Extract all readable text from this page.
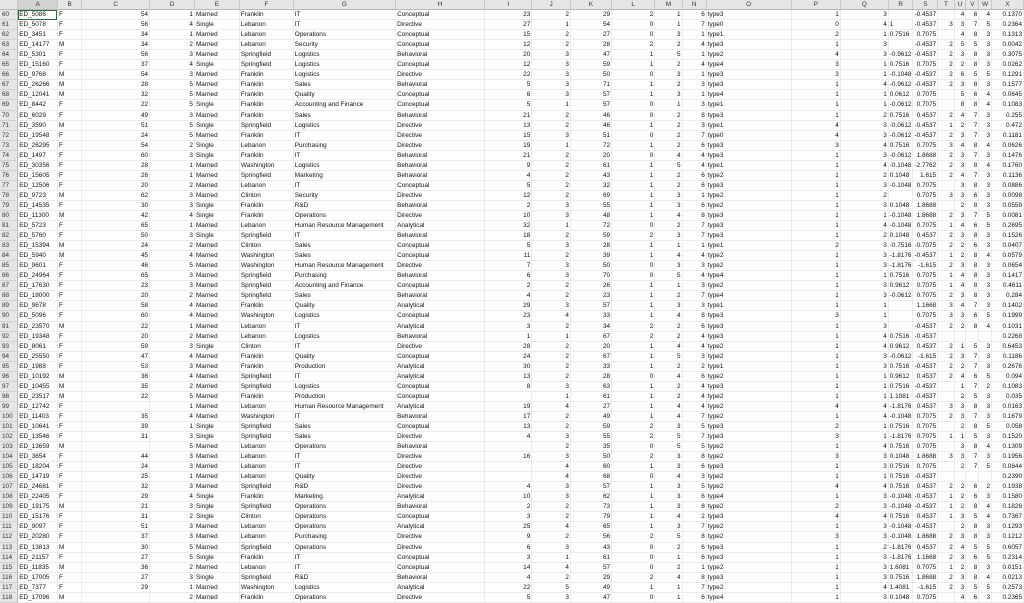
	A	B	C	D	E	F	G	H	I	J	K	L	M	N	O	P	Q	R	S	T	U	V	W	X
60	ED_5086	F	54	1	Married	Franklin	IT	Conceptual	23	2	29	2	1	6	type3	1	3		-0.4537		4	6	4	0.1370
61	ED_5078	F	56	4	Single	Lebanon	IT	Directive	27	1	54	0	1	7	type0	0	4	1	-0.4537	3	3	7	5	0.2364
62	ED_3451	F	34	1	Married	Lebanon	Operations	Conceptual	15	2	27	0	3	1	type1	2	1	0.7516	0.7075		4	8	3	0.1313
63	ED_14177	M	34	2	Married	Lebanon	Security	Conceptual	12	2	28	2	2	4	type3	1	3		-0.4537	2	5	5	3	0.0042
64	ED_5301	F	56	3	Married	Springfield	Logistics	Behavioral	20	3	47	1	5	1	type2	4	3	-0.9612	-0.4537	2	3	8	3	0.3075
65	ED_15160	F	37	4	Single	Springfield	Logistics	Conceptual	12	3	59	1	2	4	type4	3	1	0.7516	0.7075	2	2	8	3	0.0262
66	ED_9768	M	54	3	Married	Franklin	Logistics	Directive	22	3	50	0	3	1	type3	3	1	-0.1048	-0.4537	2	6	5	5	0.1291
67	ED_26266	M	28	5	Married	Franklin	Sales	Behavioral	5	3	71	1	2	3	type3	1	4	-0.9612	-0.4537	2	3	8	3	0.1577
68	ED_12041	M	32	5	Married	Franklin	Quality	Conceptual	6	3	57	1	3	1	type4	1	1	0.0612	0.7075		5	6	4	0.0645
69	ED_8442	F	22	5	Single	Franklin	Accounting and Finance	Conceptual	5	1	57	0	1	3	type1	1	1	-0.0612	0.7075		8	8	4	0.1083
70	ED_6029	F	49	3	Married	Franklin	Sales	Behavioral	21	2	46	0	2	8	type3	1	2	0.7516	0.4537	2	4	7	3	0.255
71	ED_3590	M	51	5	Single	Springfield	Logistics	Directive	13	2	46	1	2	3	type1	4	3	-0.0612	-0.4537	1	2	7	3	0.472
72	ED_19548	F	24	5	Married	Franklin	IT	Directive	15	3	51	0	2	7	type0	4	3	-0.0612	-0.4537	2	3	7	3	0.1181
73	ED_26295	F	54	2	Single	Lebanon	Purchasing	Directive	19	1	72	1	2	6	type3	3	4	0.7516	0.7075	3	4	8	4	0.0626
74	ED_1497	F	60	3	Single	Franklin	IT	Behavioral	21	2	20	0	4	4	type3	1	3	-0.0612	1.8688	2	3	7	3	0.1476
75	ED_30356	F	28	1	Married	Washington	Logistics	Behavioral	9	2	61	1	5	4	type1	1	4	-0.1048	-2.7762	2	3	8	4	0.1760
76	ED_15605	F	26	1	Married	Springfield	Marketing	Behavioral	4	2	43	1	2	6	type2	1	2	0.1048	1.615	2	4	7	3	0.1136
77	ED_12506	F	20	2	Married	Lebanon	IT	Conceptual	5	2	32	1	2	6	type3	1	3	-0.1048	0.7075		3	8	3	0.0886
78	ED_9723	M	62	3	Married	Clinton	Security	Directive	12	2	69	1	3	1	type2	1	2		0.7075	3	3	6	3	0.0098
79	ED_14535	F	30	3	Single	Franklin	R&D	Behavioral	2	3	55	1	3	6	type2	1	3	0.1048	1.8688		2	8	3	0.0559
80	ED_11300	M	42	4	Single	Franklin	Operations	Directive	10	3	48	1	4	8	type3	1	1	-0.1048	1.8688	2	3	7	5	0.0081
81	ED_5723	F	65	1	Married	Lebanon	Human Resource Management	Analytical	32	1	72	0	2	7	type3	1	4	-0.1048	0.7075	1	4	6	5	0.2695
82	ED_5760	F	50	3	Single	Springfield	IT	Behavioral	18	2	59	2	3	7	type3	1	2	0.1048	0.4537	2	3	8	3	0.1526
83	ED_15394	M	24	2	Married	Clinton	Sales	Conceptual	5	3	28	1	1	1	type1	2	3	-0.7516	-0.7075	2	2	6	3	0.0407
84	ED_5940	M	45	4	Married	Washington	Sales	Conceptual	11	2	39	1	4	4	type2	1	3	-1.8176	-0.4537	1	2	8	4	0.0579
85	ED_9601	F	46	5	Married	Washington	Human Resource Management	Directive	7	3	50	0	3	3	type2	1	3	-1.8176	-1.615	2	3	8	3	0.0654
86	ED_24964	F	65	3	Married	Springfield	Purchasing	Behavioral	6	3	70	0	5	4	type4	1	1	0.7516	0.7075	1	4	8	3	0.1417
87	ED_17630	F	23	3	Married	Springfield	Accounting and Finance	Conceptual	2	2	26	1	1	3	type2	1	3	0.9612	0.7075	1	4	8	3	0.4611
88	ED_18000	F	20	2	Married	Springfield	Sales	Behavioral	4	2	23	1	2	7	type4	1	3	-0.0612	0.7075	2	3	8	3	0.284
89	ED_9678	F	58	4	Married	Franklin	Quality	Analytical	29	3	57	1	3	3	type1	1	1		1.1668	3	4	7	3	0.1402
90	ED_5096	F	60	4	Married	Washington	Logistics	Conceptual	23	4	33	1	4	8	type3	3	1		0.7075	3	3	6	5	0.1999
91	ED_23570	M	22	1	Married	Lebanon	IT	Analytical	3	2	34	2	2	6	type3	1	3		-0.4537	2	2	8	4	0.1031
92	ED_19348	F	20	2	Married	Lebanon	Logistics	Behavioral	1	1	67	2	2	4	type3	1	4	0.7516	-0.4537					0.2268
93	ED_8061	F	59	3	Single	Clinton	IT	Directive	28	2	20	1	4	4	type2	1	4	0.9612	0.4537	2	1	5	3	0.6453
94	ED_25550	F	47	4	Married	Franklin	Quality	Conceptual	24	2	67	1	5	3	type2	1	3	-0.0612	-1.615	2	3	7	3	0.1186
95	ED_1988	F	53	3	Married	Franklin	Production	Analytical	30	2	33	1	2	2	type1	1	3	0.7516	-0.4537	2	2	7	3	0.2676
96	ED_10192	M	36	4	Married	Springfield	IT	Analytical	13	2	28	0	4	6	type2	1	1	0.9612	0.4537	2	4	6	5	0.094
97	ED_10455	M	35	2	Married	Springfield	Logistics	Conceptual	8	3	63	1	2	4	type3	1	1	0.7516	-0.4537		1	7	2	0.1083
98	ED_23517	M	22	5	Married	Franklin	Production	Conceptual		1	61	1	2	4	type2	1	1	1.1081	-0.4537		2	5	3	0.035
99	ED_12742	F		1	Married	Lebanon	Human Resource Management	Analytical	19	4	27	1	4	4	type2	4	4	-1.8176	0.4537	3	3	8	3	0.0163
100	ED_11403	F	35	4	Married	Washington	IT	Behavioral	17	2	49	1	4	7	type2	1	4	-0.1048	0.7075	2	3	7	3	0.1679
101	ED_10641	F	39	1	Single	Springfield	Sales	Conceptual	13	2	59	2	3	5	type3	2	1	0.7516	0.7075		2	8	5	0.058
102	ED_13546	F	31	3	Single	Springfield	Sales	Directive	4	3	55	2	5	7	type3	3	1	-1.8176	0.7075	1	1	5	3	0.1520
103	ED_13659	M		5	Married	Lebanon	Operations	Behavioral		2	35	0	5	5	type2	1	4	0.7516	0.7075		3	8	4	0.1309
104	ED_3654	F	44	3	Married	Lebanon	IT	Directive	16	3	50	2	3	8	type2	3	3	0.1048	1.8688	3	3	7	3	0.1956
105	ED_18204	F	24	3	Married	Lebanon	IT	Directive		4	60	1	3	6	type3	1	3	0.7516	0.7075		2	7	5	0.0844
106	ED_14719	F	25	1	Married	Lebanon	Quality	Directive		4	68	0	4	3	type2	1	1	0.7516	-0.4537					0.2390
107	ED_24681	F	32	3	Married	Springfield	R&D	Directive	4	3	57	1	3	5	type2	4	4	0.7516	0.4537	2	2	6	2	0.1938
108	ED_22405	F	29	4	Single	Franklin	Marketing	Analytical	10	3	62	1	3	6	type4	1	3	-0.1048	-0.4537	1	2	6	3	0.1580
109	ED_19175	M	21	3	Single	Springfield	Operations	Behavioral	2	2	73	1	3	8	type2	2	3	-0.1048	-0.4537	1	2	8	4	0.1826
110	ED_15176	F	31	2	Single	Clinton	Operations	Conceptual	3	2	79	1	4	2	type3	4	4	0.7516	0.4537	1	3	5	4	0.7367
111	ED_9097	F	51	3	Married	Lebanon	Operations	Analytical	25	4	65	1	3	7	type2	1	3	-0.1048	-0.4537		2	8	3	0.1293
112	ED_20280	F	37	3	Married	Lebanon	Purchasing	Directive	9	2	56	2	5	8	type2	3	3	-0.1048	1.8688	2	3	8	3	0.1212
113	ED_13813	M	30	5	Married	Springfield	Operations	Directive	6	3	43	0	2	6	type3	1	2	-1.8176	0.4537	2	4	5	5	0.6057
114	ED_21157	F	27	5	Single	Franklin	IT	Conceptual	3	1	61	0	1	6	type3	1	3	-1.8176	1.1668	2	3	6	5	0.2314
115	ED_11835	M	36	2	Married	Lebanon	IT	Conceptual	14	4	57	0	2	1	type2	1	3	1.6081	0.7075	1	2	8	3	0.0151
116	ED_17005	F	27	3	Single	Springfield	R&D	Behavioral	4	2	29	2	4	8	type3	1	3	0.7516	1.8688	2	3	8	4	0.0213
117	ED_7377	F	29	1	Married	Washington	Logistics	Analytical	22	5	49	1	1	7	type2	1	4	1.4081	-1.615	2	3	5	5	0.2573
118	ED_17096	M		2	Married	Franklin	Operations	Directive	5	3	47	0	1	6	type4	1	3	0.1048	0.7075		4	6	3	0.2365
